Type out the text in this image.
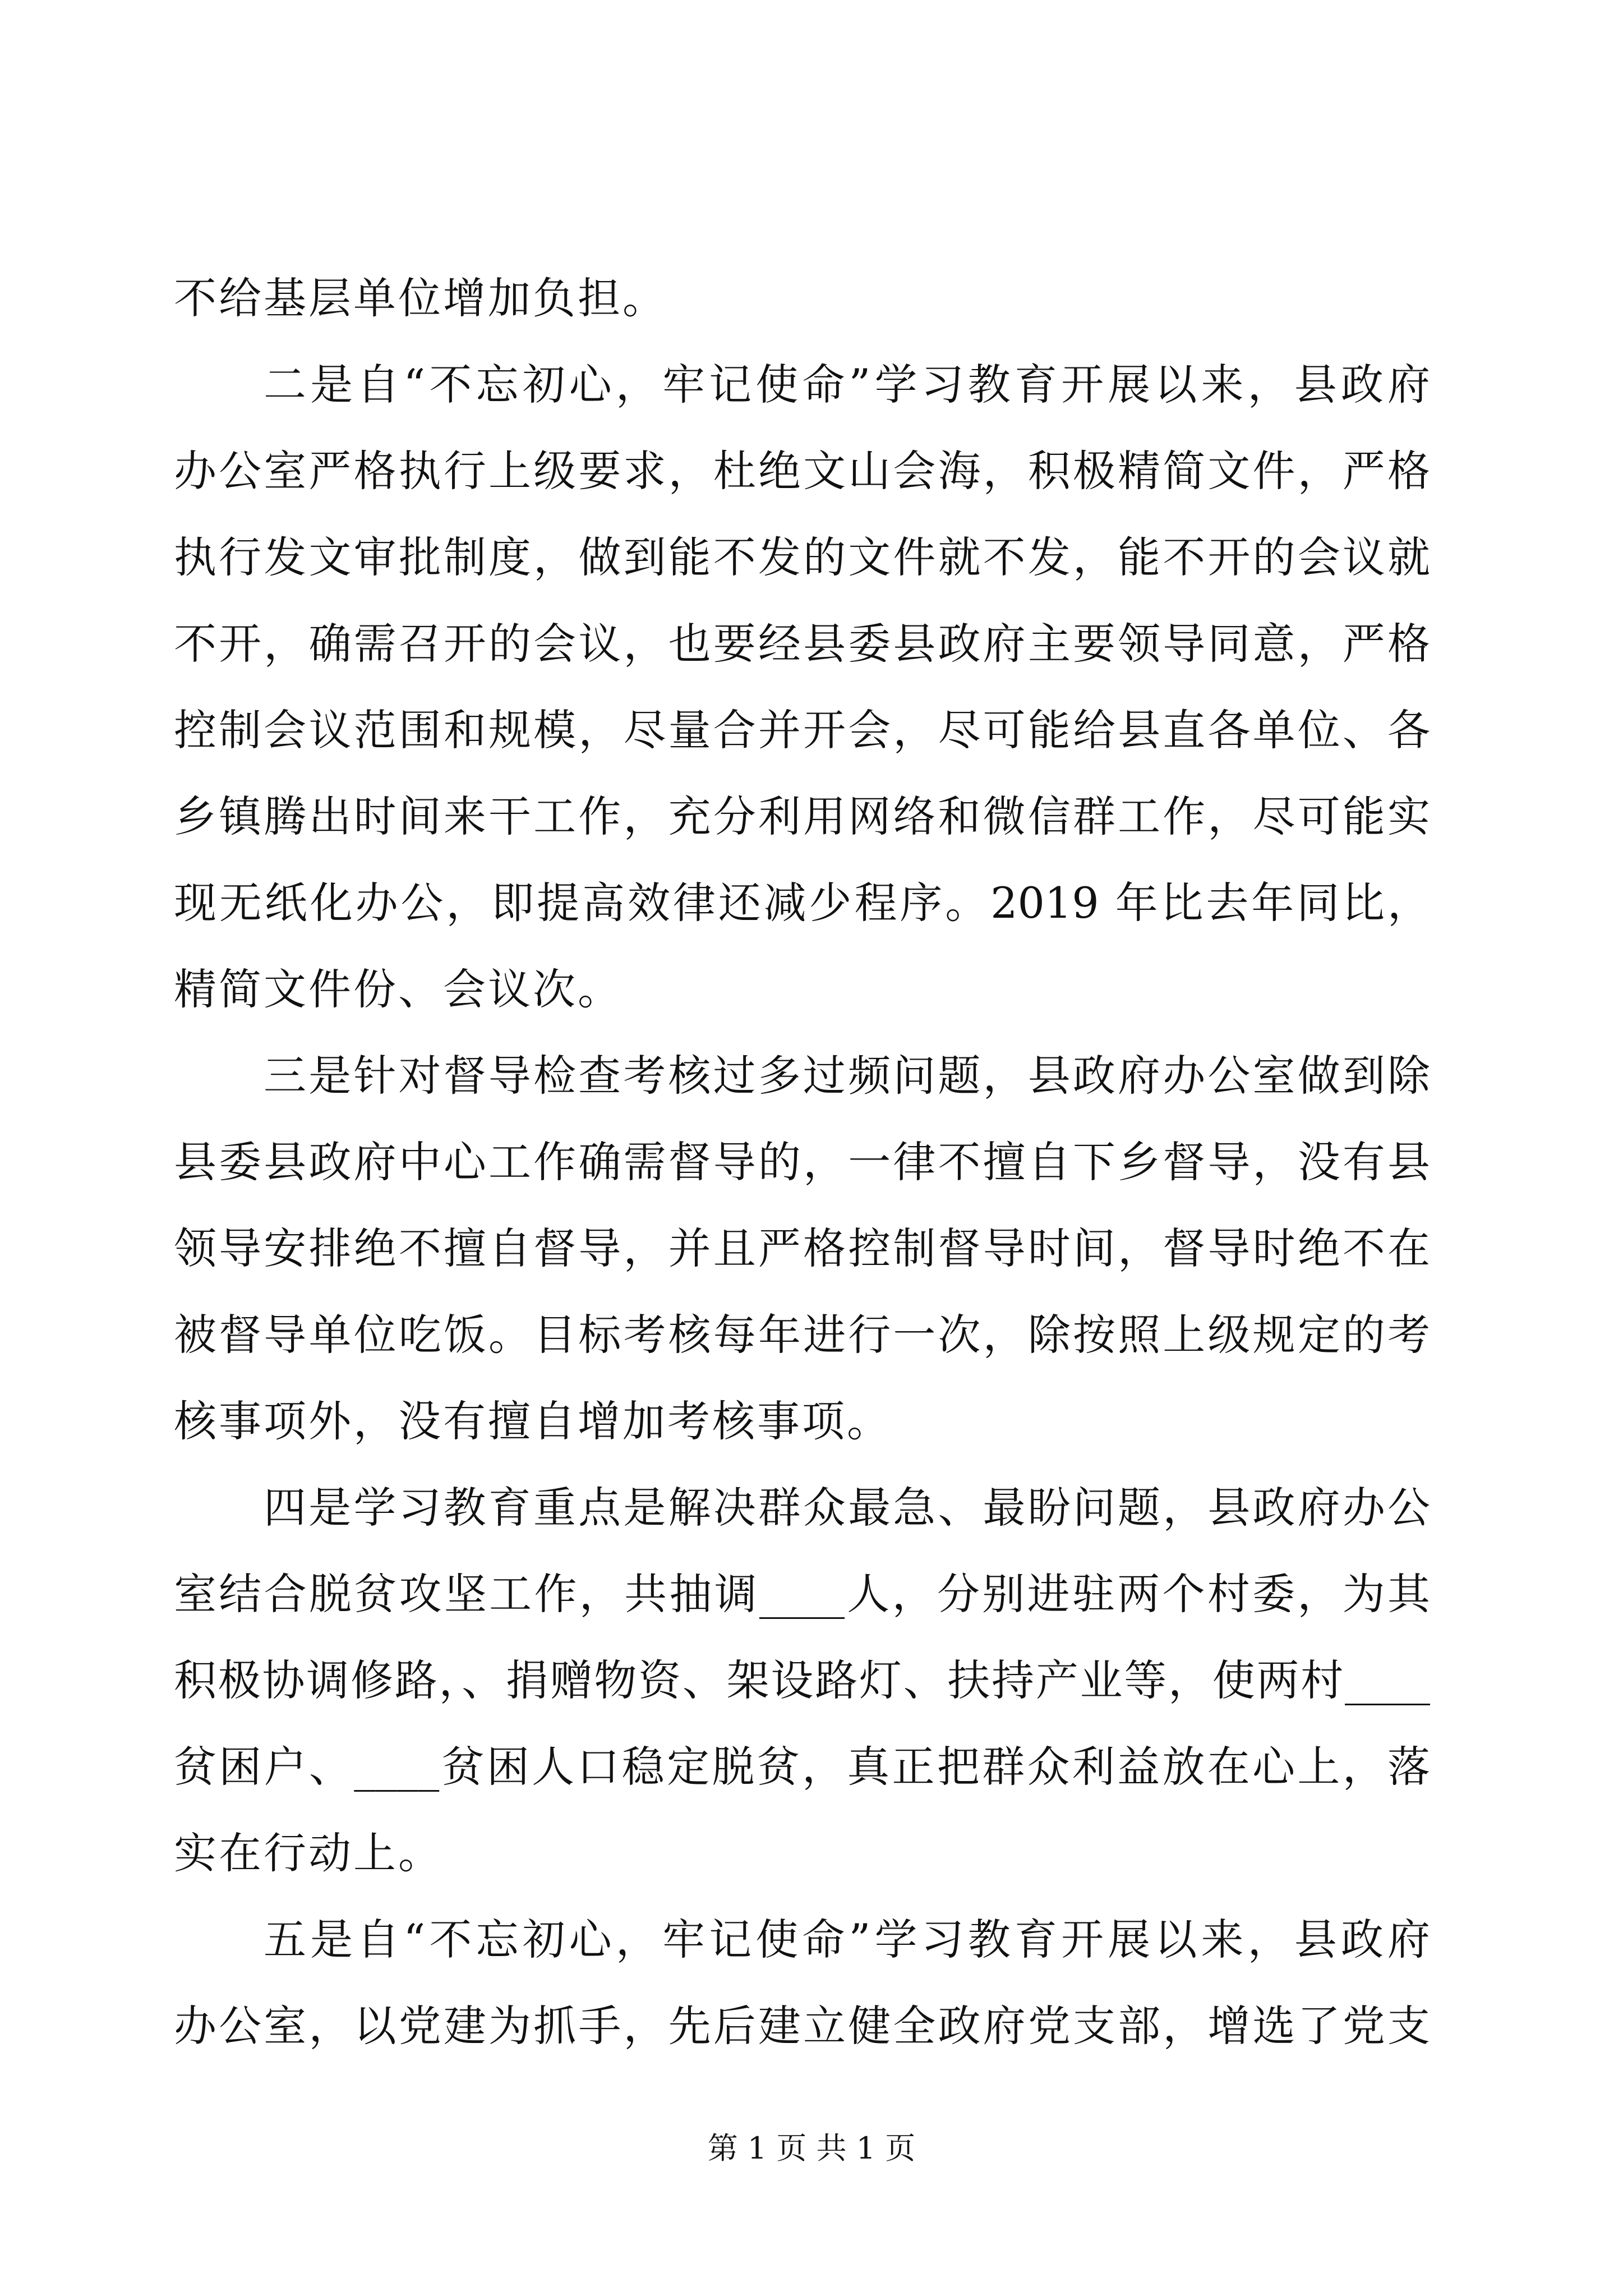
不给基层单位增加负担。
二是自“不忘初心，牢记使命”学习教育开展以来，县政府
办公室严格执行上级要求，杜绝文山会海，积极精简文件，严格
执行发文审批制度，做到能不发的文件就不发，能不开的会议就
不开，确需召开的会议，也要经县委县政府主要领导同意，严格
控制会议范围和规模，尽量合并开会，尽可能给县直各单位、各
乡镇腾出时间来干工作，充分利用网络和微信群工作，尽可能实
现无纸化办公，即提高效律还减少程序。2019 年比去年同比，
精简文件份、会议次。
三是针对督导检查考核过多过频问题，县政府办公室做到除
县委县政府中心工作确需督导的，一律不擅自下乡督导，没有县
领导安排绝不擅自督导，并且严格控制督导时间，督导时绝不在
被督导单位吃饭。目标考核每年进行一次，除按照上级规定的考
核事项外，没有擅自增加考核事项。
四是学习教育重点是解决群众最急、最盼问题，县政府办公
室结合脱贫攻坚工作，共抽调____人，分别进驻两个村委，为其
积极协调修路，、捐赠物资、架设路灯、扶持产业等，使两村____
贫困户、____贫困人口稳定脱贫，真正把群众利益放在心上，落
实在行动上。
五是自“不忘初心，牢记使命”学习教育开展以来，县政府
办公室，以党建为抓手，先后建立健全政府党支部，增选了党支
第 1 页 共 1 页
